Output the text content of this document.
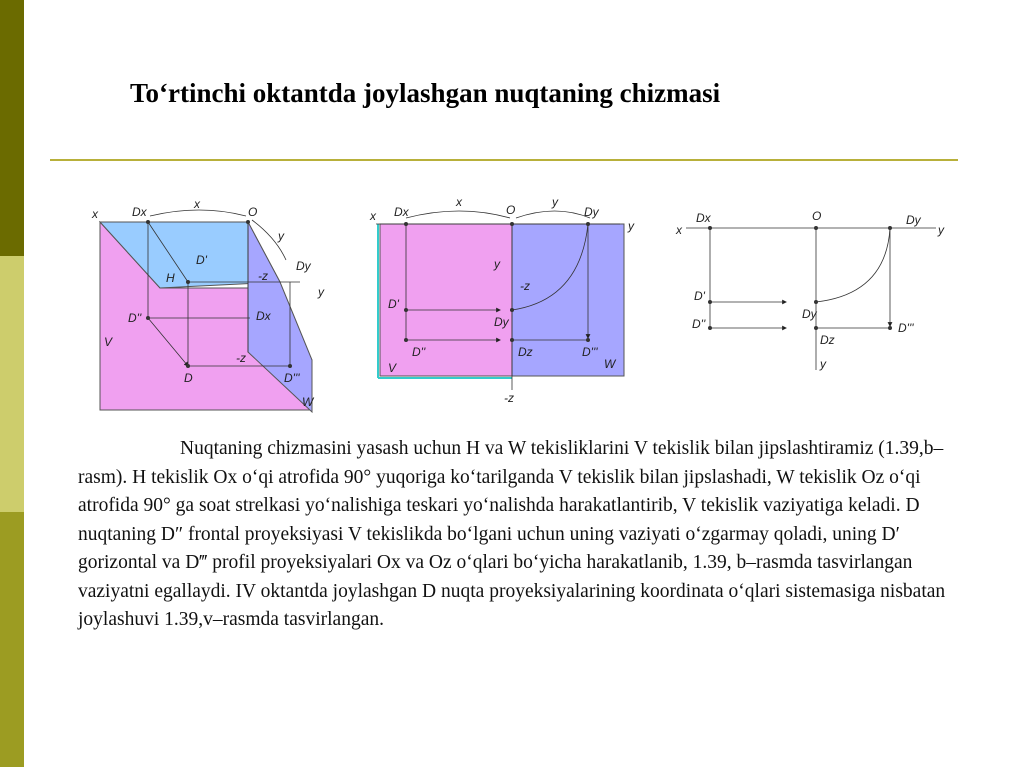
To‘rtinchi oktantda joylashgan nuqtaning chizmasi
x	Dx
x
O
y
y
D'
H	-z
Dy
D''	Dx
V
-z
D	D'''
W
Dx
x
O
y
Dy
x
y
y
-z
D'
Dy
D''	Dz	D'''
V	W
-z
x
Dx	O	Dy
y
D'
Dy
D''	D'''
Dz
y
Nuqtaning chizmasini yasash uchun H va W tekisliklarini V tekislik bilan jipslashtiramiz (1.39,b–rasm). H tekislik Ox o‘qi atrofida 90° yuqoriga ko‘tarilganda V tekislik bilan jipslashadi, W tekislik Oz o‘qi atrofida 90° ga soat strelkasi yo‘nalishiga teskari yo‘nalishda harakatlantirib, V tekislik vaziyatiga keladi. D nuqtaning D″ frontal proyeksiyasi V tekislikda bo‘lgani uchun uning vaziyati o‘zgarmay qoladi, uning D′ gorizontal va D‴ profil proyeksiyalari Ox va Oz o‘qlari bo‘yicha harakatlanib, 1.39, b–rasmda tasvirlangan vaziyatni egallaydi. IV oktantda joylashgan D nuqta proyeksiyalarining koordinata o‘qlari sistemasiga nisbatan joylashuvi 1.39,v–rasmda tasvirlangan.
